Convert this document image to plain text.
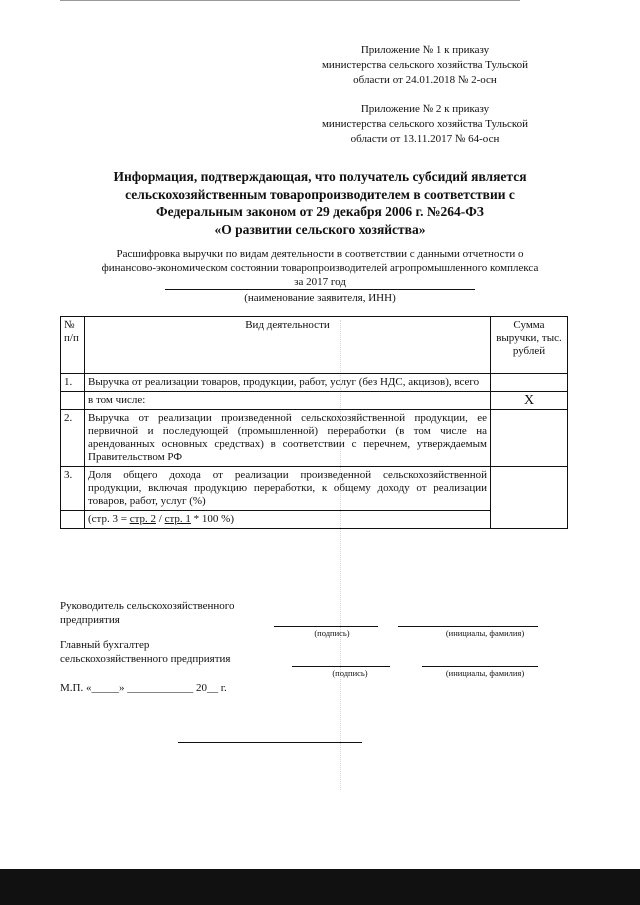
Приложение № 1 к приказу
министерства сельского хозяйства Тульской
области от 24.01.2018 № 2-осн
Приложение № 2 к приказу
министерства сельского хозяйства Тульской
области от 13.11.2017 № 64-осн
Информация, подтверждающая, что получатель субсидий является
сельскохозяйственным товаропроизводителем в соответствии с
Федеральным законом от 29 декабря 2006 г. №264-ФЗ
«О развитии сельского хозяйства»
Расшифровка выручки по видам деятельности в соответствии с данными отчетности о
финансово-экономическом состоянии товаропроизводителей агропромышленного комплекса
за 2017 год
(наименование заявителя, ИНН)
№ п/п	Вид деятельности	Сумма выручки, тыс. рублей
1.	Выручка от реализации товаров, продукции, работ, услуг (без НДС, акцизов), всего	
	в том числе:	X
2.	Выручка от реализации произведенной сельскохозяйственной продукции, ее первичной и последующей (промышленной) переработки (в том числе на арендованных основных средствах) в соответствии с перечнем, утверждаемым Правительством РФ	
3.	Доля общего дохода от реализации произведенной сельскохозяйственной продукции, включая продукцию переработки, к общему доходу от реализации товаров, работ, услуг (%)	
	(стр. 3 = стр. 2 / стр. 1 * 100 %)	
Руководитель сельскохозяйственного
предприятия
(подпись)	(инициалы, фамилия)
Главный бухгалтер
сельскохозяйственного предприятия
(подпись)	(инициалы, фамилия)
М.П. «_____» ____________ 20__ г.
